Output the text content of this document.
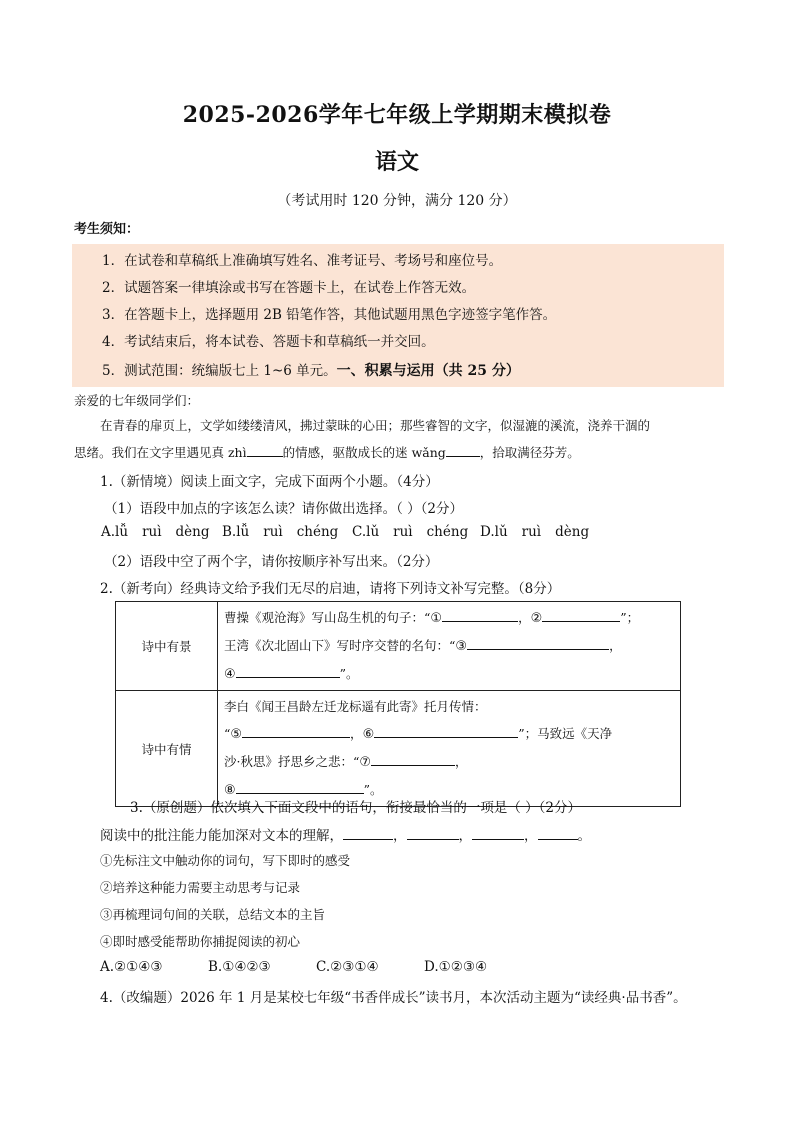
2025-2026学年七年级上学期期末模拟卷
语文
（考试用时 120 分钟，满分 120 分）
考生须知：
1．在试卷和草稿纸上准确填写姓名、准考证号、考场号和座位号。
2．试题答案一律填涂或书写在答题卡上，在试卷上作答无效。
3．在答题卡上，选择题用 2B 铅笔作答，其他试题用黑色字迹签字笔作答。
4．考试结束后，将本试卷、答题卡和草稿纸一并交回。
5．测试范围：统编版七上 1~6 单元。一、积累与运用（共 25 分）
亲爱的七年级同学们：
在青春的扉页上，文学如缕缕清风，拂过蒙昧的心田；那些睿智的文字，似湿漉的溪流，浇养干涸的
思绪。我们在文字里遇见真 zhì	的情感，驱散成长的迷 wǎng	，拾取满径芬芳。
1.（新情境）阅读上面文字，完成下面两个小题。（4分）
（1）语段中加点的字该怎么读？请你做出选择。（ ）（2分）
A.lǚ ruì dèng B.lǚ ruì chéng C.lǔ ruì chéng D.lǔ ruì dèng
（2）语段中空了两个字，请你按顺序补写出来。（2分）
2.（新考向）经典诗文给予我们无尽的启迪，请将下列诗文补写完整。（8分）
诗中有景	曹操《观沧海》写山岛生机的句子：“① ，② ”；
王湾《次北固山下》写时序交替的名句：“③ ，
④ ”。

诗中有情	李白《闻王昌龄左迁龙标遥有此寄》托月传情：
“⑤ ，⑥ ”；马致远《天净
沙·秋思》抒思乡之悲：“⑦ ，
⑧ ”。
3.（原创题）依次填入下面文段中的语句，衔接最恰当的一项是（ ）（2分）
阅读中的批注能力能加深对文本的理解，	，	，	，	。
①先标注文中触动你的词句，写下即时的感受
②培养这种能力需要主动思考与记录
③再梳理词句间的关联，总结文本的主旨
④即时感受能帮助你捕捉阅读的初心
A.②①④③	B.①④②③	C.②③①④	D.①②③④
4.（改编题）2026 年 1 月是某校七年级“书香伴成长”读书月，本次活动主题为“读经典·品书香”。
